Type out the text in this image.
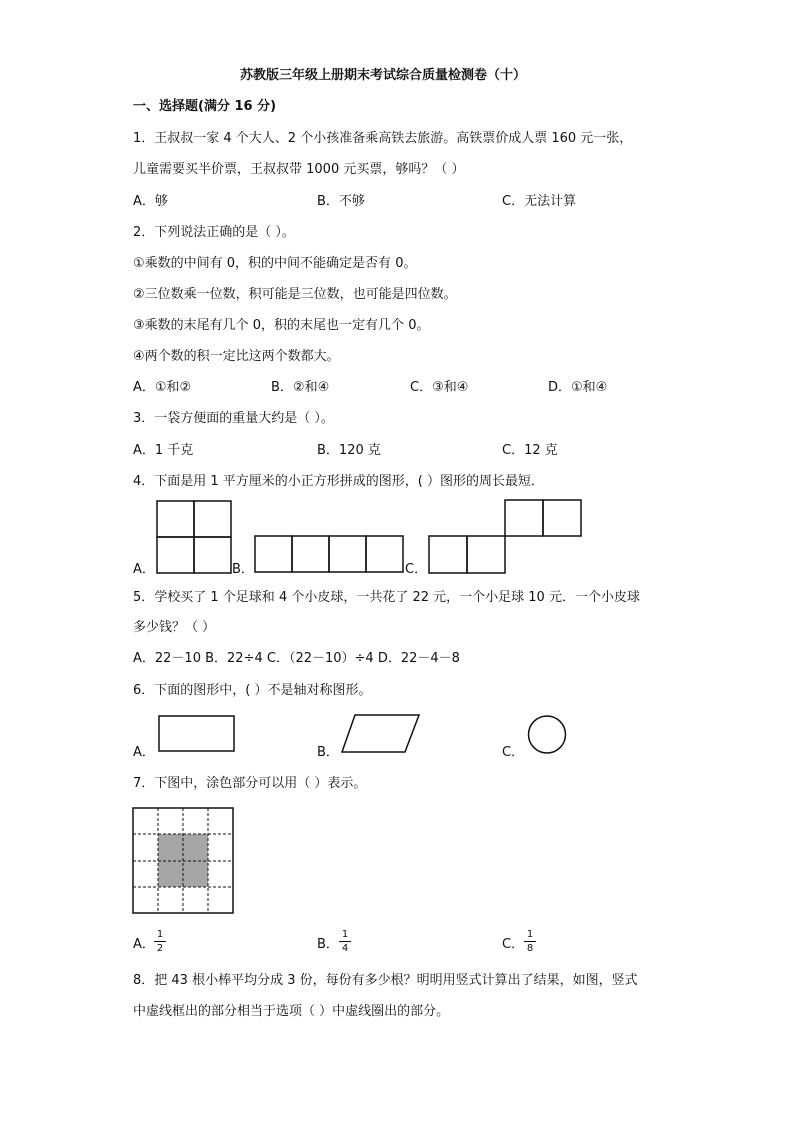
苏教版三年级上册期末考试综合质量检测卷（十）
一、选择题(满分 16 分)
1．王叔叔一家 4 个大人、2 个小孩准备乘高铁去旅游。高铁票价成人票 160 元一张，
儿童需要买半价票，王叔叔带 1000 元买票，够吗？（ ）
A．够	B．不够	C．无法计算
2．下列说法正确的是（ ）。
①乘数的中间有 0，积的中间不能确定是否有 0。
②三位数乘一位数，积可能是三位数，也可能是四位数。
③乘数的末尾有几个 0，积的末尾也一定有几个 0。
④两个数的积一定比这两个数都大。
A．①和②	B．②和④	C．③和④	D．①和④
3．一袋方便面的重量大约是（ ）。
A．1 千克	B．120 克	C．12 克
4．下面是用 1 平方厘米的小正方形拼成的图形，( ）图形的周长最短．
A．	B．	C．
5．学校买了 1 个足球和 4 个小皮球，一共花了 22 元，一个小足球 10 元．一个小皮球
多少钱？（ ）
A．22－10 B．22÷4 C．（22－10）÷4 D．22－4－8
6．下面的图形中，( ）不是轴对称图形。
A．	B．	C．
7．下图中，涂色部分可以用（ ）表示。
A．
1
2	B．
1
4	C．
1
8
8．把 43 根小棒平均分成 3 份，每份有多少根？明明用竖式计算出了结果，如图，竖式
中虚线框出的部分相当于选项（ ）中虚线圈出的部分。
